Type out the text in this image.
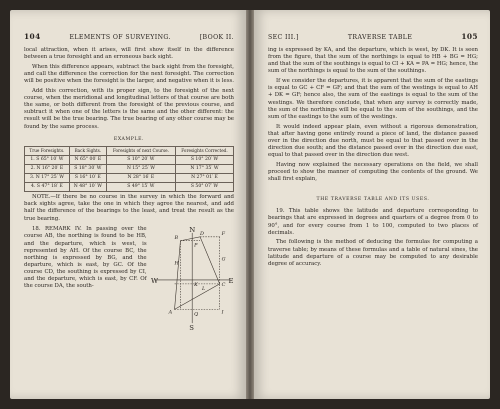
104	ELEMENTS OF SURVEYING.	[BOOK II.

local attraction, when it arises, will first show itself in the difference between a true foresight and an erroneous back sight.

When this difference appears, subtract the back sight from the foresight, and call the difference the correction for the next foresight. The correction will be positive when the foresight is the larger, and negative when it is less.

Add this correction, with its proper sign, to the foresight of the next course, when the meridional and longitudinal letters of that course are both the same, or both different from the foresight of the previous course, and subtract it when one of the letters is the same and the other different: the result will be the true bearing. The true bearing of any other course may be found by the same process.

EXAMPLE.
True Foresights.	Back Sights.	Foresights of next Course.	Foresights Corrected.
1. S 65° 10′ W	N 65° 00′ E	S 10° 20′ W	S 10° 20′ W
2. N 16° 20′ E	S 18° 30′ W	N 15° 25′ W	N 17° 35′ W
3. N 17° 25′ W	S 16° 10′ E	N 28° 16′ E	N 27° 01′ E
4. S 47° 18′ E	N 48° 10′ W	S 49° 15′ W	S 50° 07′ W

NOTE.—If there be no course in the survey in which the forward and back sights agree, take the one in which they agree the nearest, and add half the difference of the bearings to the least, and treat the result as the true bearing.

18. REMARK IV. In passing over the course AB, the northing is found to be HB, and the departure, which is west, is represented by AH. Of the course BC, the northing is expressed by BG, and the departure, which is east, by GC. Of the course CD, the southing is expressed by CI, and the departure, which is east, by CF. Of the course DA, the south-

N
S
W	E
A
B
C
D	F
G
H
I
K
L
P
Q
SEC III.]	TRAVERSE TABLE	105

ing is expressed by KA, and the departure, which is west, by DK. It is seen from the figure, that the sum of the northings is equal to HB + BG = HG; and that the sum of the southings is equal to CI + KA = PA = HG; hence, the sum of the northings is equal to the sum of the southings.

If we consider the departures, it is apparent that the sum of the eastings is equal to GC + CF = GF; and that the sum of the westings is equal to AH + DK = GF; hence also, the sum of the eastings is equal to the sum of the westings. We therefore conclude, that when any survey is correctly made, the sum of the northings will be equal to the sum of the southings, and the sum of the eastings to the sum of the westings.

It would indeed appear plain, even without a rigorous demonstration, that after having gone entirely round a piece of land, the distance passed over in the direction due north, must be equal to that passed over in the direction due south; and the distance passed over in the direction due east, equal to that passed over in the direction due west.

Having now explained the necessary operations on the field, we shall proceed to show the manner of computing the contents of the ground. We shall first explain,

THE TRAVERSE TABLE AND ITS USES.

19. This table shows the latitude and departure corresponding to bearings that are expressed in degrees and quarters of a degree from 0 to 90°, and for every course from 1 to 100, computed to two places of decimals.

The following is the method of deducing the formulas for computing a traverse table; by means of these formulas and a table of natural sines, the latitude and departure of a course may be computed to any desirable degree of accuracy.
